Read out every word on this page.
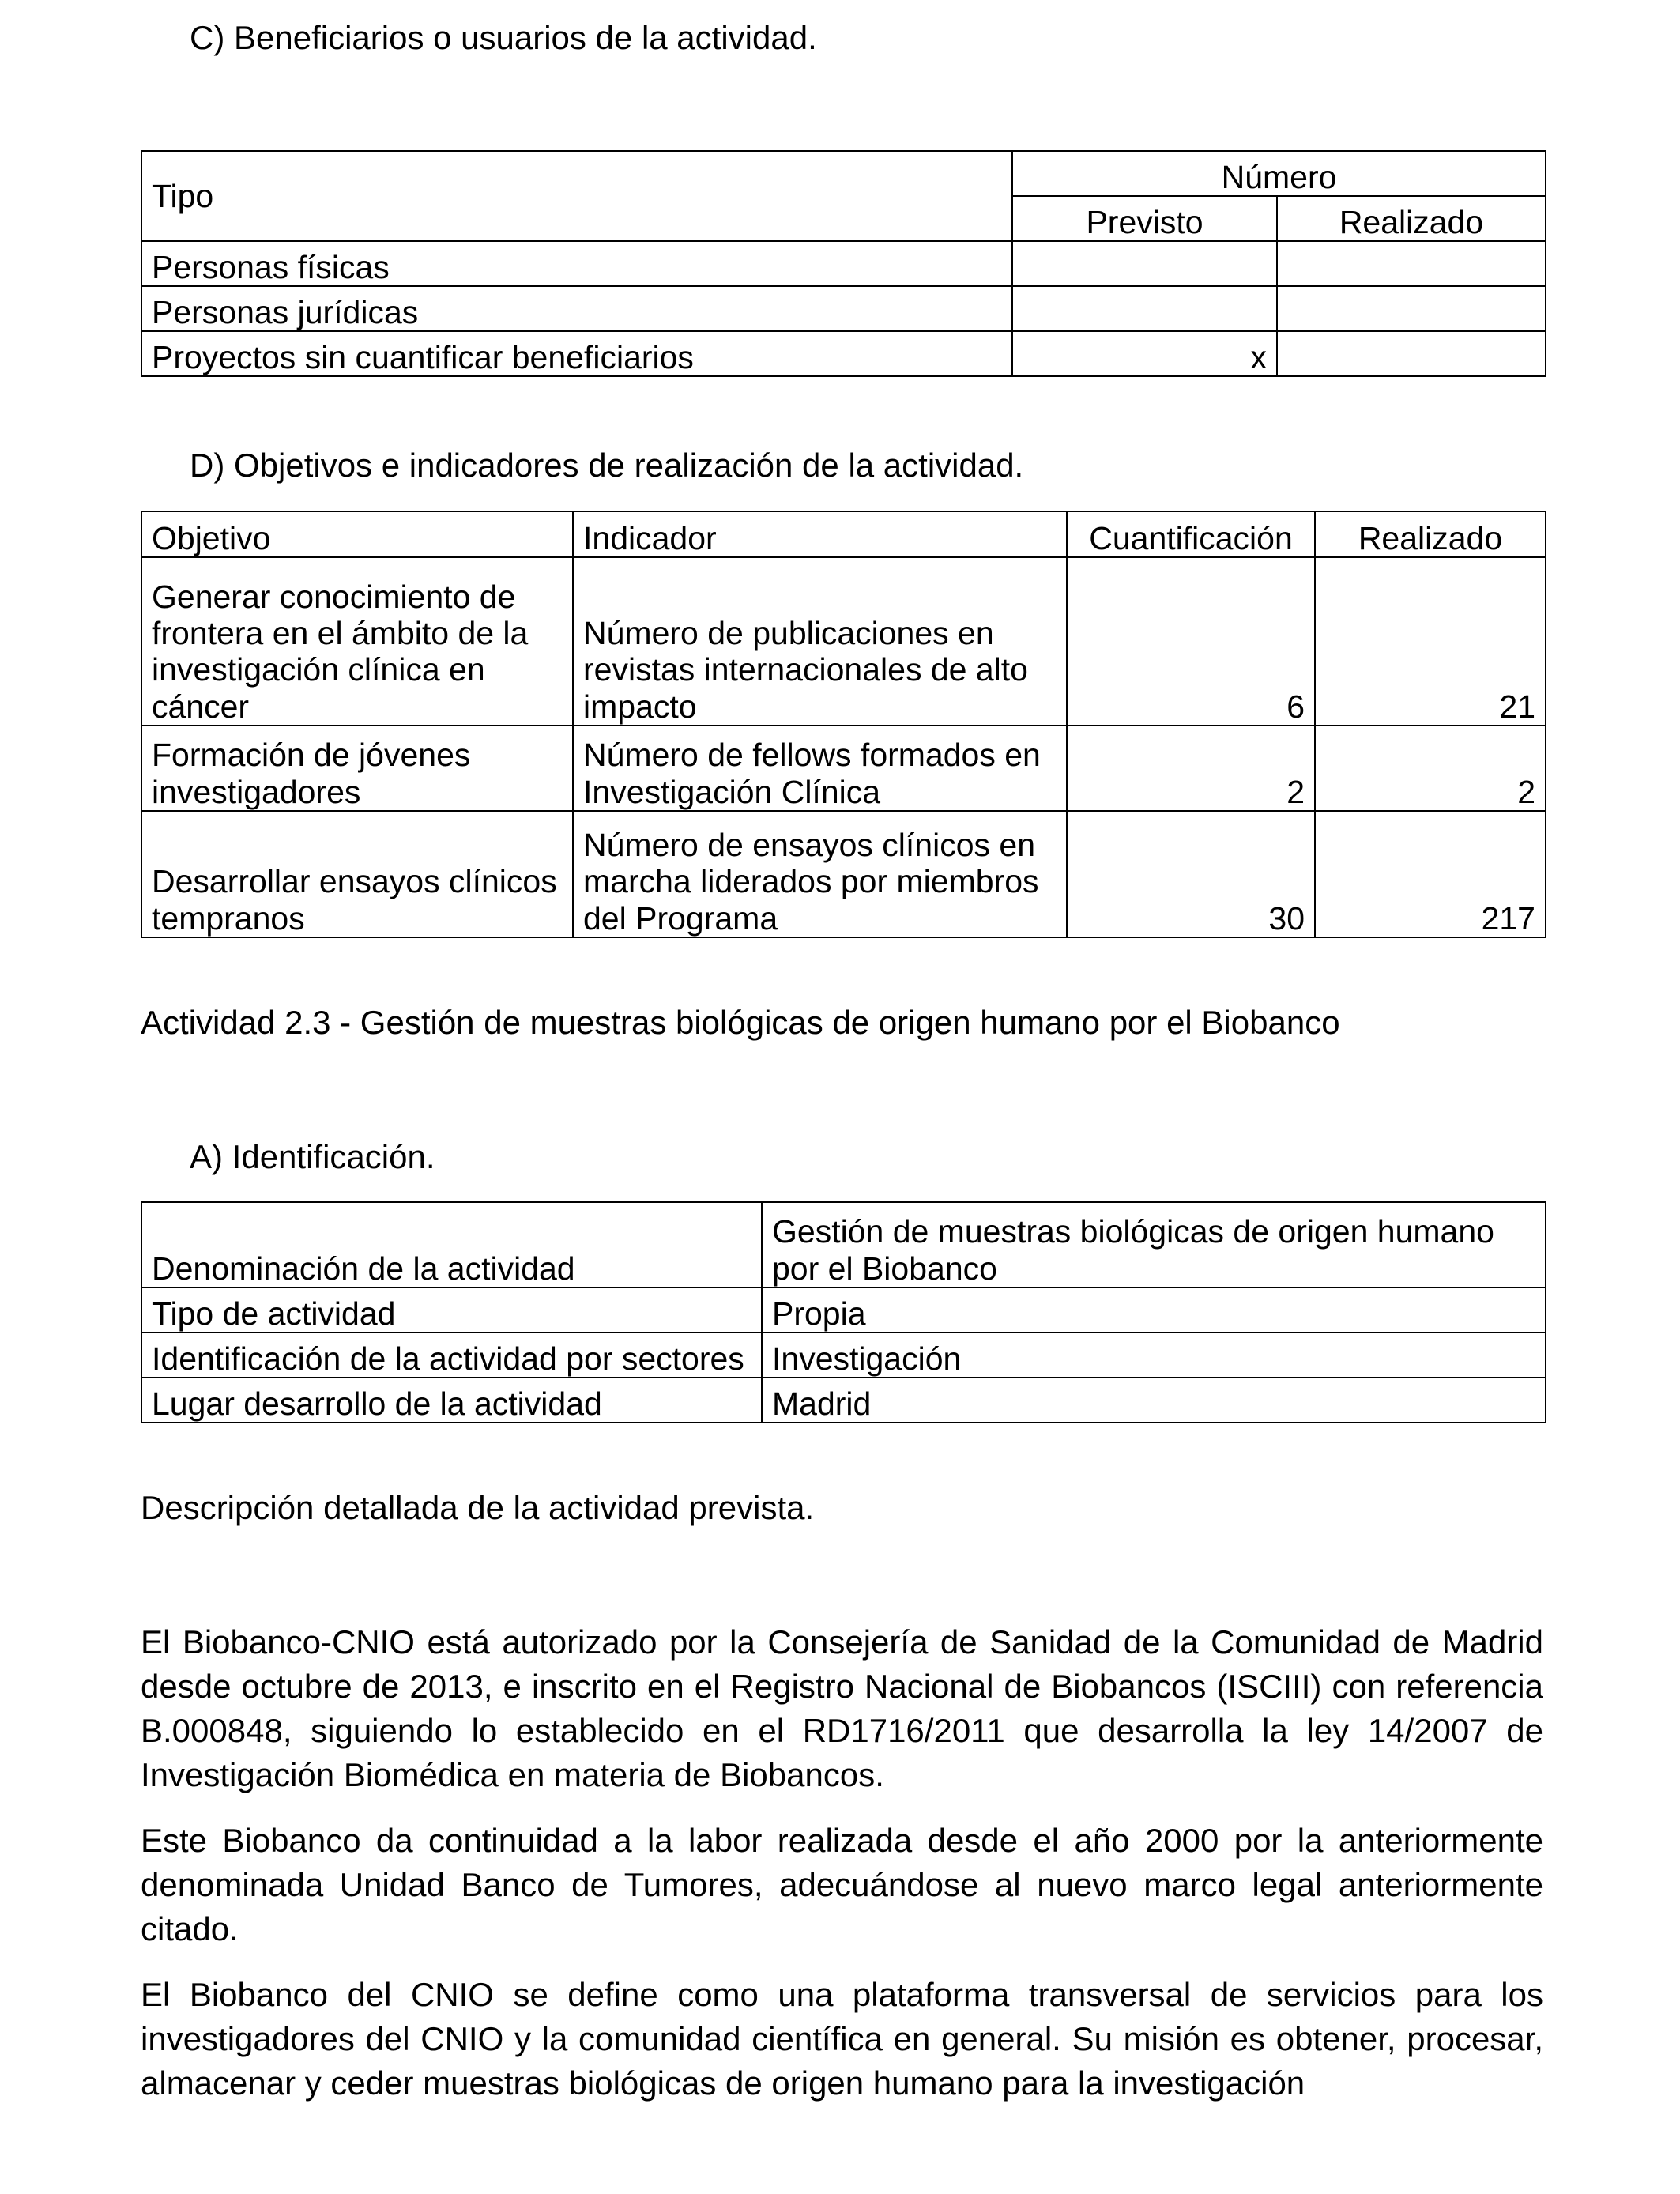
C) Beneficiarios o usuarios de la actividad.
Tipo	Número	
	Previsto	Realizado
Personas físicas		
Personas jurídicas		
Proyectos sin cuantificar beneficiarios	x	
D) Objetivos e indicadores de realización de la actividad.
Objetivo	Indicador	Cuantificación	Realizado
Generar conocimiento de frontera en el ámbito de la investigación clínica en cáncer	Número de publicaciones en revistas internacionales de alto impacto	6	21
Formación de jóvenes investigadores	Número de fellows formados en Investigación Clínica	2	2
Desarrollar ensayos clínicos tempranos	Número de ensayos clínicos en marcha liderados por miembros del Programa	30	217
Actividad 2.3 - Gestión de muestras biológicas de origen humano por el Biobanco
A) Identificación.
Denominación de la actividad	Gestión de muestras biológicas de origen humano por el Biobanco
Tipo de actividad	Propia
Identificación de la actividad por sectores	Investigación
Lugar desarrollo de la actividad	Madrid
Descripción detallada de la actividad prevista.
El Biobanco-CNIO está autorizado por la Consejería de Sanidad de la Comunidad de Madrid desde octubre de 2013, e inscrito en el Registro Nacional de Biobancos (ISCIII) con referencia B.000848, siguiendo lo establecido en el RD1716/2011 que desarrolla la ley 14/2007 de Investigación Biomédica en materia de Biobancos.
Este Biobanco da continuidad a la labor realizada desde el año 2000 por la anteriormente denominada Unidad Banco de Tumores, adecuándose al nuevo marco legal anteriormente citado.
El Biobanco del CNIO se define como una plataforma transversal de servicios para los investigadores del CNIO y la comunidad científica en general. Su misión es obtener, procesar, almacenar y ceder muestras biológicas de origen humano para la investigación
